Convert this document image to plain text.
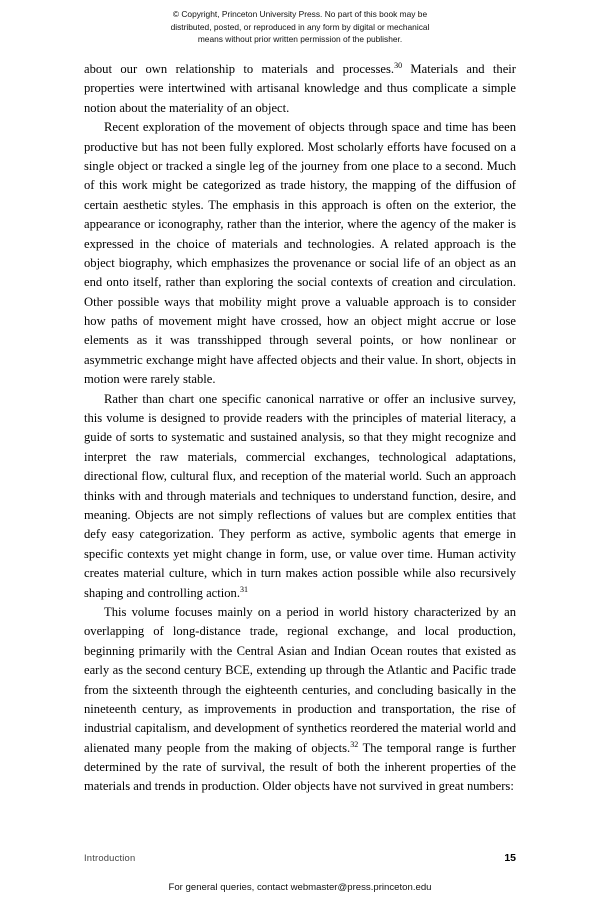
© Copyright, Princeton University Press. No part of this book may be
distributed, posted, or reproduced in any form by digital or mechanical
means without prior written permission of the publisher.

about our own relationship to materials and processes.$^{30}$ Materials and their properties were intertwined with artisanal knowledge and thus complicate a simple notion about the materiality of an object.

Recent exploration of the movement of objects through space and time has been productive but has not been fully explored. Most scholarly efforts have focused on a single object or tracked a single leg of the journey from one place to a second. Much of this work might be categorized as trade history, the mapping of the diffusion of certain aesthetic styles. The emphasis in this approach is often on the exterior, the appearance or iconography, rather than the interior, where the agency of the maker is expressed in the choice of materials and technologies. A related approach is the object biography, which emphasizes the provenance or social life of an object as an end onto itself, rather than exploring the social contexts of creation and circulation. Other possible ways that mobility might prove a valuable approach is to consider how paths of movement might have crossed, how an object might accrue or lose elements as it was transshipped through several points, or how nonlinear or asymmetric exchange might have affected objects and their value. In short, objects in motion were rarely stable.

Rather than chart one specific canonical narrative or offer an inclusive survey, this volume is designed to provide readers with the principles of material literacy, a guide of sorts to systematic and sustained analysis, so that they might recognize and interpret the raw materials, commercial exchanges, technological adaptations, directional flow, cultural flux, and reception of the material world. Such an approach thinks with and through materials and techniques to understand function, desire, and meaning. Objects are not simply reflections of values but are complex entities that defy easy categorization. They perform as active, symbolic agents that emerge in specific contexts yet might change in form, use, or value over time. Human activity creates material culture, which in turn makes action possible while also recursively shaping and controlling action.$^{31}$

This volume focuses mainly on a period in world history characterized by an overlapping of long-distance trade, regional exchange, and local production, beginning primarily with the Central Asian and Indian Ocean routes that existed as early as the second century BCE, extending up through the Atlantic and Pacific trade from the sixteenth through the eighteenth centuries, and concluding basically in the nineteenth century, as improvements in production and transportation, the rise of industrial capitalism, and development of synthetics reordered the material world and alienated many people from the making of objects.$^{32}$ The temporal range is further determined by the rate of survival, the result of both the inherent properties of the materials and trends in production. Older objects have not survived in great numbers:

Introduction	15
For general queries, contact webmaster@press.princeton.edu
